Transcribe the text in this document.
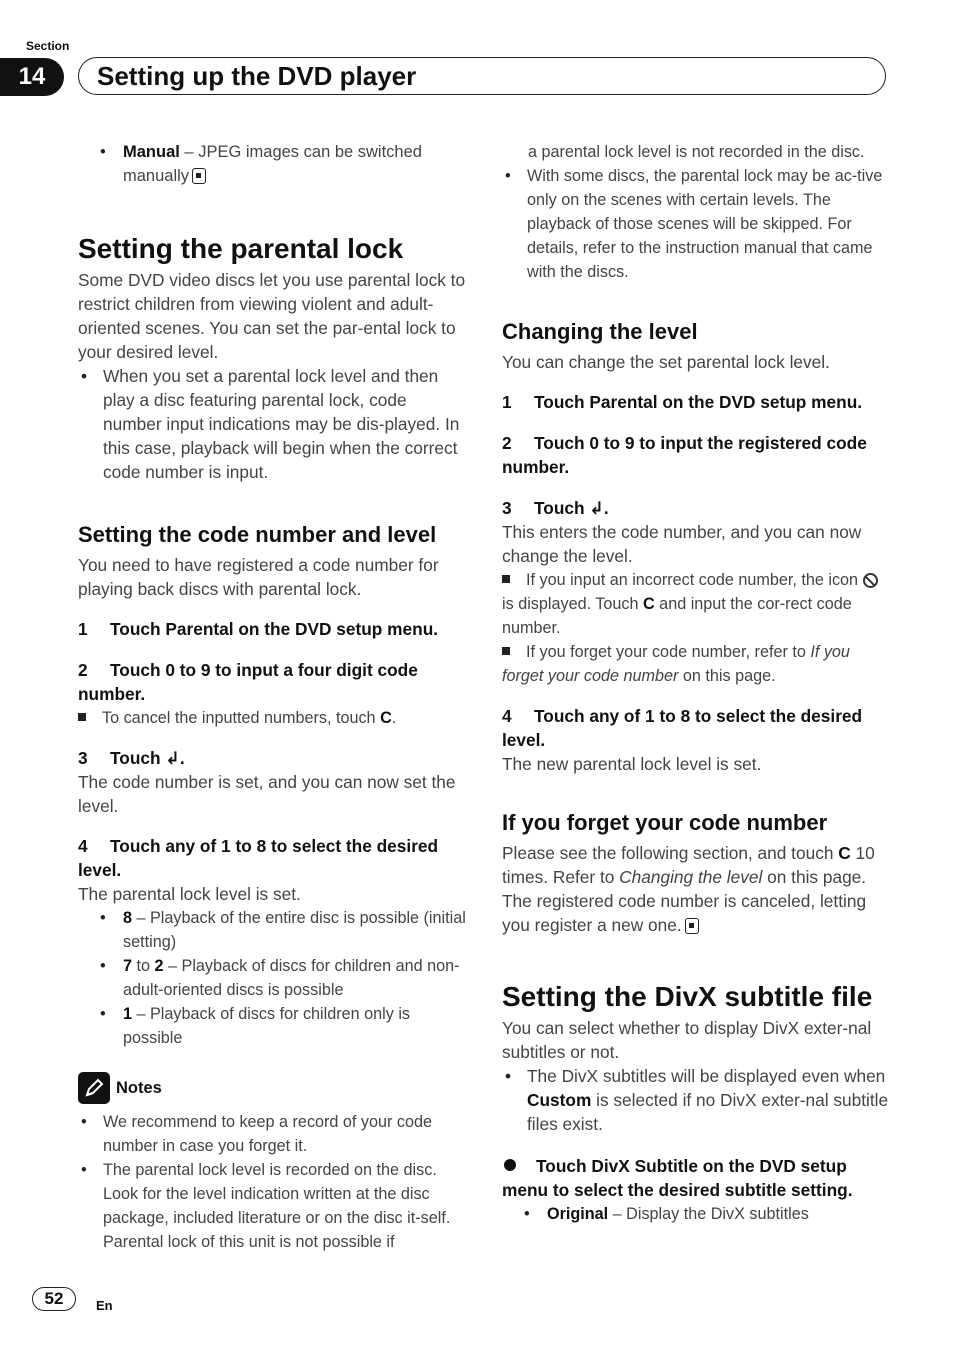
Section
14	Setting up the DVD player
• Manual – JPEG images can be switched manually
Setting the parental lock

Some DVD video discs let you use parental lock to restrict children from viewing violent and adult-oriented scenes. You can set the par-ental lock to your desired level.

• When you set a parental lock level and then play a disc featuring parental lock, code number input indications may be dis-played. In this case, playback will begin when the correct code number is input.
Setting the code number and level

You need to have registered a code number for playing back discs with parental lock.

1 Touch Parental on the DVD setup menu.

2 Touch 0 to 9 to input a four digit code number.

To cancel the inputted numbers, touch C.

3 Touch ↲.

The code number is set, and you can now set the level.

4 Touch any of 1 to 8 to select the desired level.

The parental lock level is set.

• 8 – Playback of the entire disc is possible (initial setting)
• 7 to 2 – Playback of discs for children and non-adult-oriented discs is possible
• 1 – Playback of discs for children only is possible
Notes
• We recommend to keep a record of your code number in case you forget it.
• The parental lock level is recorded on the disc. Look for the level indication written at the disc package, included literature or on the disc it-self. Parental lock of this unit is not possible if

a parental lock level is not recorded in the disc.

• With some discs, the parental lock may be ac-tive only on the scenes with certain levels. The playback of those scenes will be skipped. For details, refer to the instruction manual that came with the discs.
Changing the level

You can change the set parental lock level.

1 Touch Parental on the DVD setup menu.

2 Touch 0 to 9 to input the registered code number.

3 Touch ↲.

This enters the code number, and you can now change the level.

If you input an incorrect code number, the icon  is displayed. Touch C and input the cor-rect code number.

If you forget your code number, refer to If you forget your code number on this page.

4 Touch any of 1 to 8 to select the desired level.

The new parental lock level is set.

If you forget your code number

Please see the following section, and touch C 10 times. Refer to Changing the level on this page. The registered code number is canceled, letting you register a new one.

Setting the DivX subtitle file

You can select whether to display DivX exter-nal subtitles or not.

• The DivX subtitles will be displayed even when Custom is selected if no DivX exter-nal subtitle files exist.

Touch DivX Subtitle on the DVD setup menu to select the desired subtitle setting.

• Original – Display the DivX subtitles
52	En
